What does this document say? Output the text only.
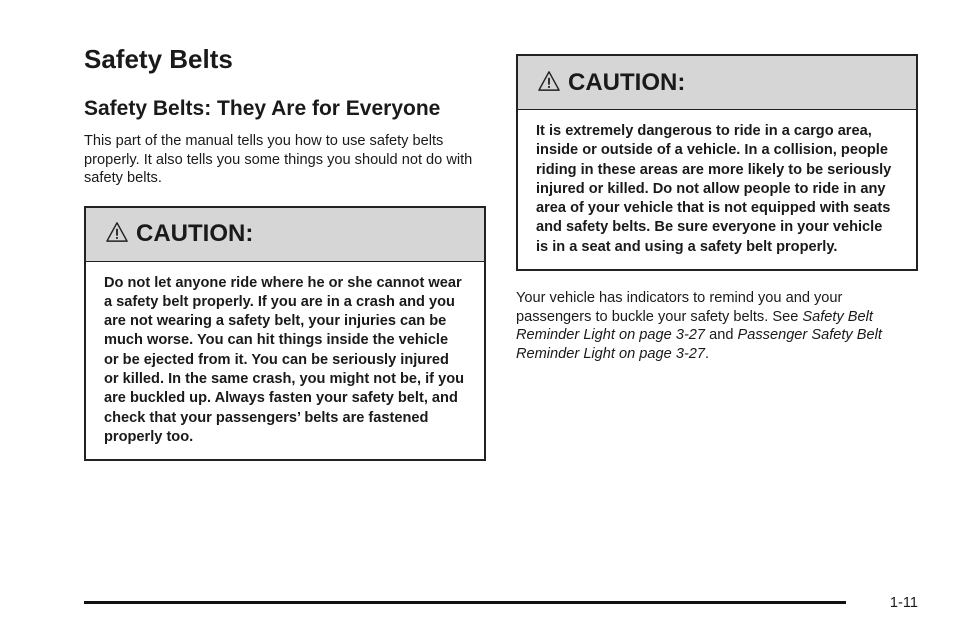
Safety Belts
Safety Belts: They Are for Everyone

This part of the manual tells you how to use safety belts properly. It also tells you some things you should not do with safety belts.

CAUTION:

Do not let anyone ride where he or she cannot wear a safety belt properly. If you are in a crash and you are not wearing a safety belt, your injuries can be much worse. You can hit things inside the vehicle or be ejected from it. You can be seriously injured or killed. In the same crash, you might not be, if you are buckled up. Always fasten your safety belt, and check that your passengers’ belts are fastened properly too.

CAUTION:

It is extremely dangerous to ride in a cargo area, inside or outside of a vehicle. In a collision, people riding in these areas are more likely to be seriously injured or killed. Do not allow people to ride in any area of your vehicle that is not equipped with seats and safety belts. Be sure everyone in your vehicle is in a seat and using a safety belt properly.

Your vehicle has indicators to remind you and your passengers to buckle your safety belts. See Safety Belt Reminder Light on page 3-27 and Passenger Safety Belt Reminder Light on page 3-27.

1-11
